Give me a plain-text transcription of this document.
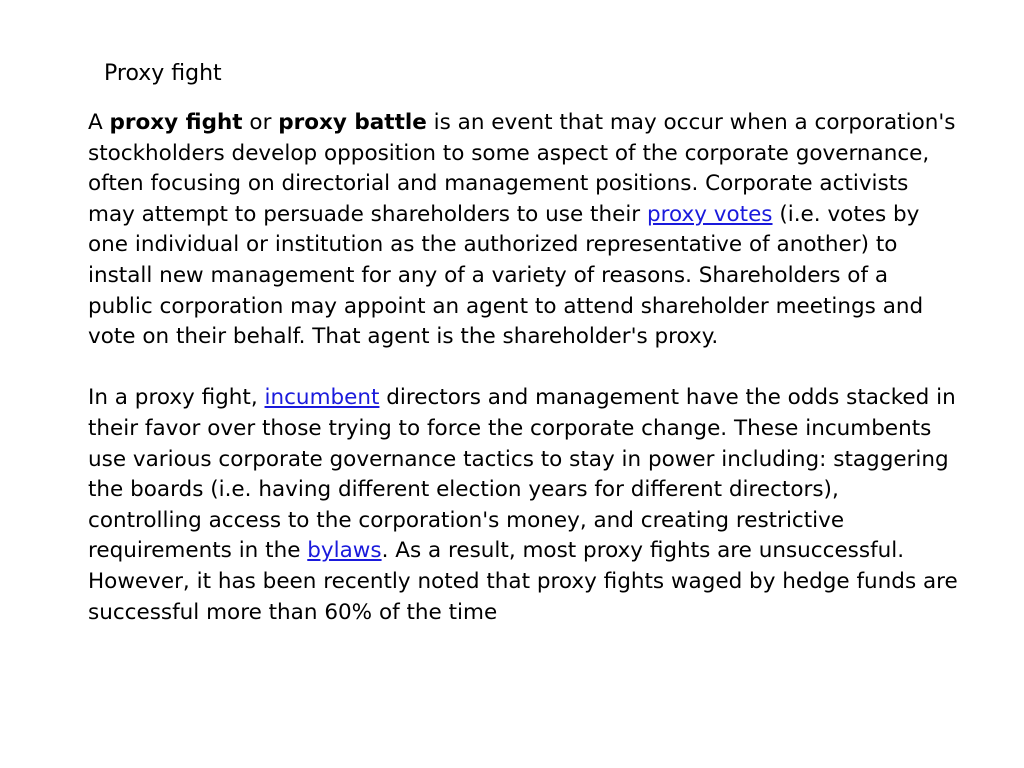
Proxy fight

A proxy fight or proxy battle is an event that may occur when a corporation's stockholders develop opposition to some aspect of the corporate governance, often focusing on directorial and management positions. Corporate activists may attempt to persuade shareholders to use their proxy votes (i.e. votes by one individual or institution as the authorized representative of another) to install new management for any of a variety of reasons. Shareholders of a public corporation may appoint an agent to attend shareholder meetings and vote on their behalf. That agent is the shareholder's proxy.

In a proxy fight, incumbent directors and management have the odds stacked in their favor over those trying to force the corporate change. These incumbents use various corporate governance tactics to stay in power including: staggering the boards (i.e. having different election years for different directors), controlling access to the corporation's money, and creating restrictive requirements in the bylaws. As a result, most proxy fights are unsuccessful. However, it has been recently noted that proxy fights waged by hedge funds are successful more than 60% of the time
